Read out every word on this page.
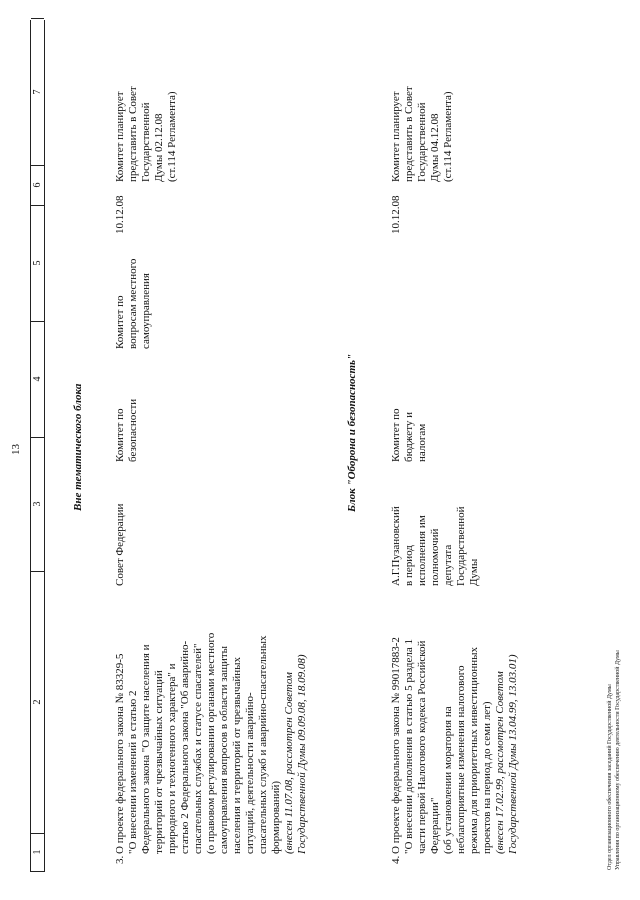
13
1
2
3
4
5
6
7
Блок "Оборона и безопасность"
Вне тематического блока
3.
О проекте федерального закона № 83329-5 "О внесении изменений в статью 2 Федерального закона "О защите населения и территорий от чрезвычайных ситуаций природного и техногенного характера" и статью 2 Федерального закона "Об аварийно- спасательных службах и статусе спасателей" (о правовом регулировании органами местного самоуправления вопросов в области защиты населения и территорий от чрезвычайных ситуаций, деятельности аварийно- спасательных служб и аварийно-спасательных формирований) (внесен 11.07.08, рассмотрен Советом Государственной Думы 09.09.08, 18.09.08)
Совет Федерации
Комитет по безопасности
Комитет по вопросам местного самоуправления
10.12.08
Комитет планирует представить в Совет Государственной Думы 02.12.08 (ст.114 Регламента)
4.
О проекте федерального закона № 99017883-2 "О внесении дополнения в статью 5 раздела 1 части первой Налогового кодекса Российской Федерации" (об установлении моратория на неблагоприятные изменения налогового режима для приоритетных инвестиционных проектов на период до семи лет) (внесен 17.02.99, рассмотрен Советом Государственной Думы 13.04.99, 13.03.01)
А.Г.Пузановский в период исполнения им полномочий депутата Государственной Думы
Комитет по бюджету и налогам
10.12.08
Комитет планирует представить в Совет Государственной Думы 04.12.08 (ст.114 Регламента)
Отдел организационного обеспечения заседаний Государственной Думы Управления по организационному обеспечению деятельности Государственной Думы
